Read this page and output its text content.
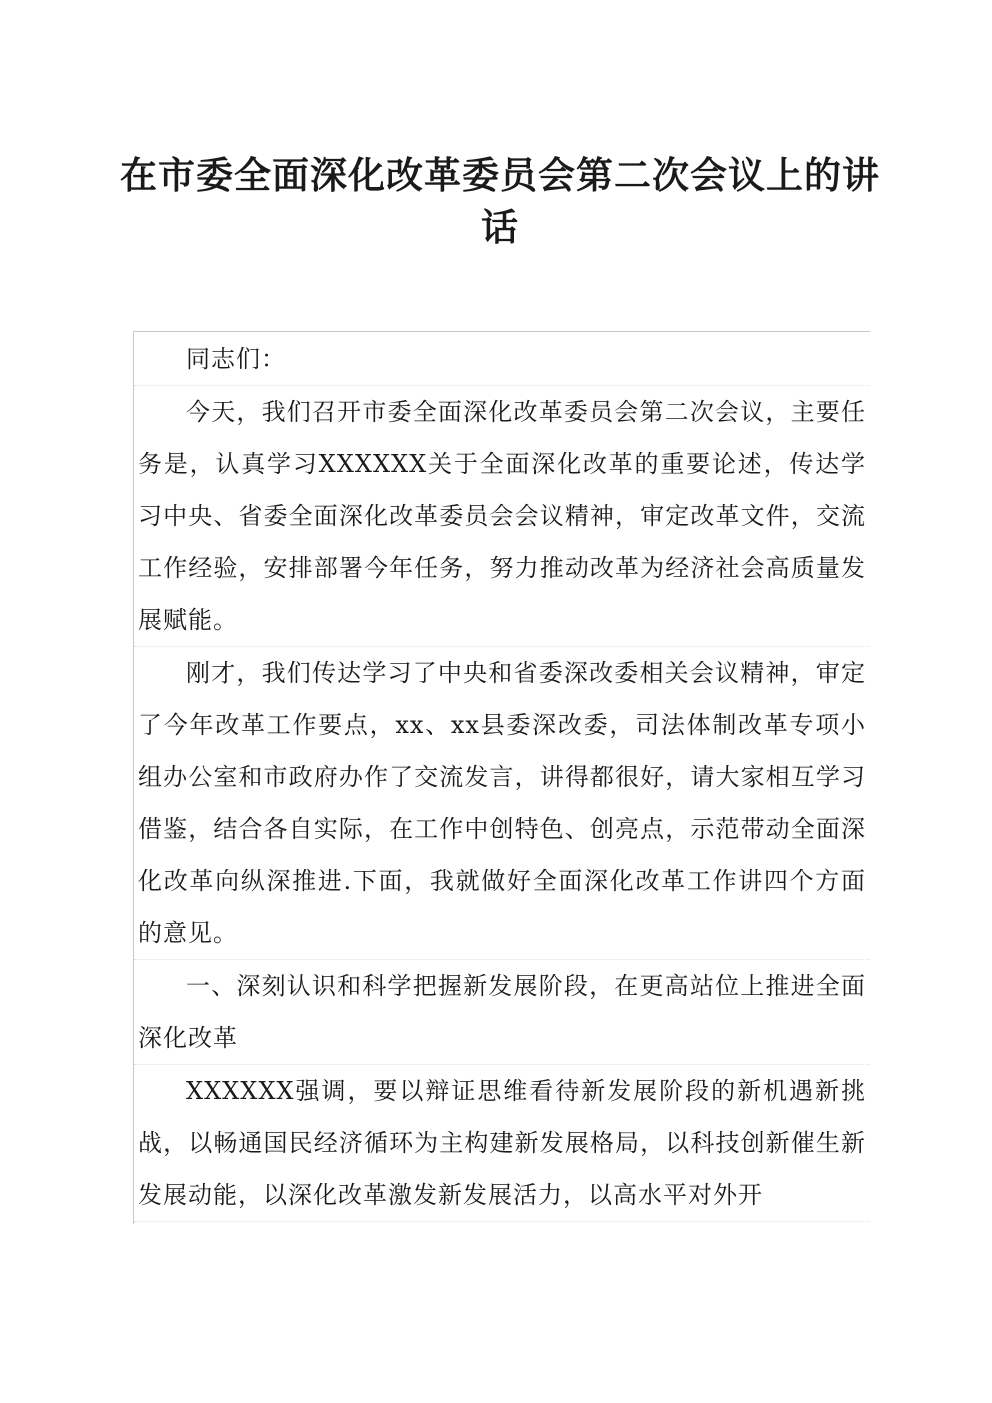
在市委全面深化改革委员会第二次会议上的讲话

同志们：

今天，我们召开市委全面深化改革委员会第二次会议，主要任务是，认真学习XXXXXX关于全面深化改革的重要论述，传达学习中央、省委全面深化改革委员会会议精神，审定改革文件，交流工作经验，安排部署今年任务，努力推动改革为经济社会高质量发展赋能。

刚才，我们传达学习了中央和省委深改委相关会议精神，审定了今年改革工作要点，xx、xx县委深改委，司法体制改革专项小组办公室和市政府办作了交流发言，讲得都很好，请大家相互学习借鉴，结合各自实际，在工作中创特色、创亮点，示范带动全面深化改革向纵深推进.下面，我就做好全面深化改革工作讲四个方面的意见。

一、深刻认识和科学把握新发展阶段，在更高站位上推进全面深化改革

XXXXXX强调，要以辩证思维看待新发展阶段的新机遇新挑战，以畅通国民经济循环为主构建新发展格局，以科技创新催生新发展动能，以深化改革激发新发展活力，以高水平对外开
